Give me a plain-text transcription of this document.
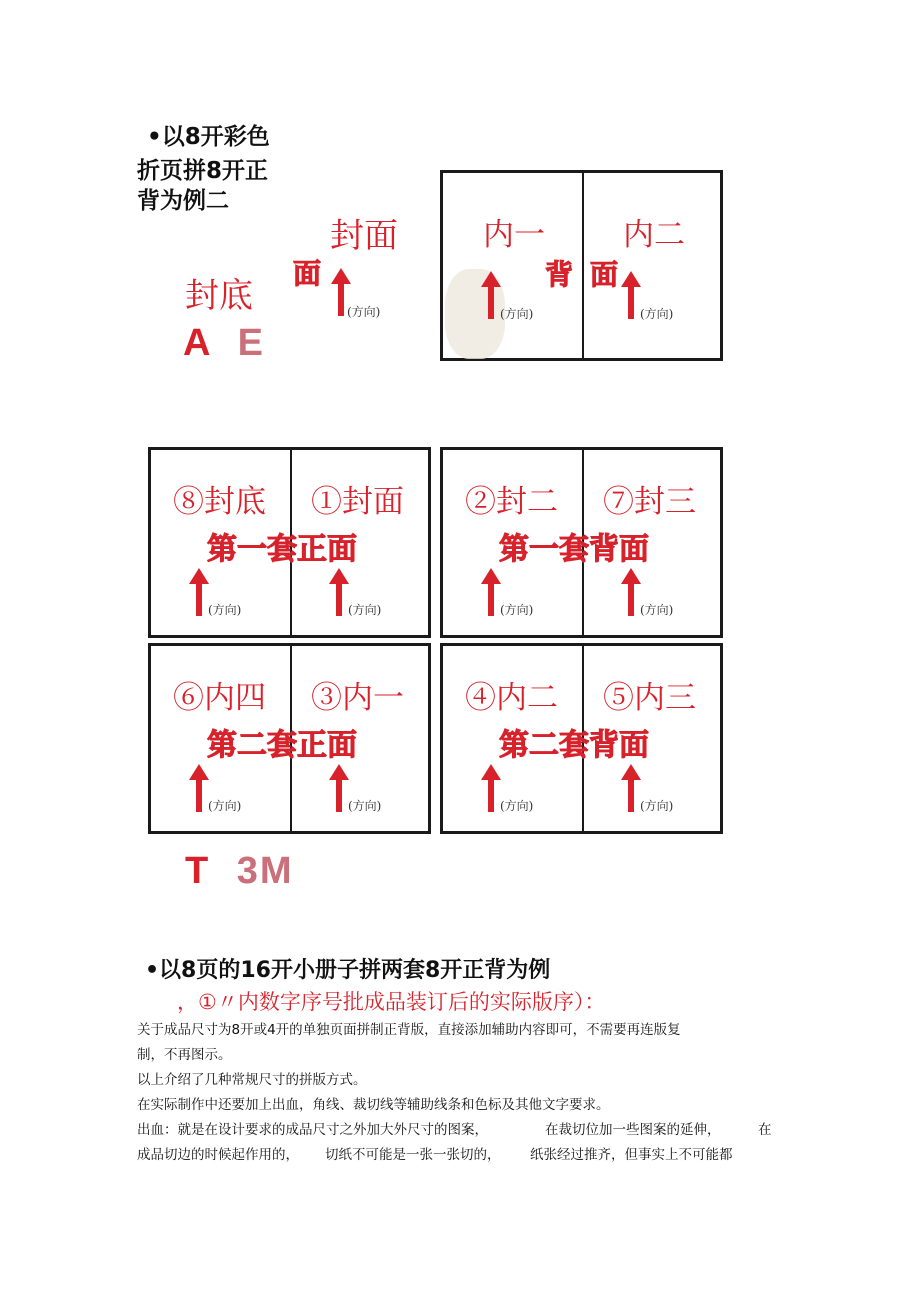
•以8开彩色
折页拼8开正
背为例二
封面
面
封底	(方向)
A E
内一	内二
背 面
(方向)	(方向)
⑧封底 ①封面
第一套正面
(方向)	(方向)
②封二 ⑦封三
第一套背面
(方向)	(方向)
⑥内四 ③内一
第二套正面
(方向)	(方向)
④内二 ⑤内三
第二套背面
(方向)	(方向)
T 3M
•以8页的16开小册子拼两套8开正背为例
，①〃内数字序号批成品装订后的实际版序）：
关于成品尺寸为8开或4开的单独页面拼制正背版，直接添加辅助内容即可，不需要再连版复
制，不再图示。
以上介绍了几种常规尺寸的拼版方式。
在实际制作中还要加上出血，角线、裁切线等辅助线条和色标及其他文字要求。
出血：就是在设计要求的成品尺寸之外加大外尺寸的图案，	在裁切位加一些图案的延伸，	在
成品切边的时候起作用的， 切纸不可能是一张一张切的， 纸张经过推齐，但事实上不可能都
